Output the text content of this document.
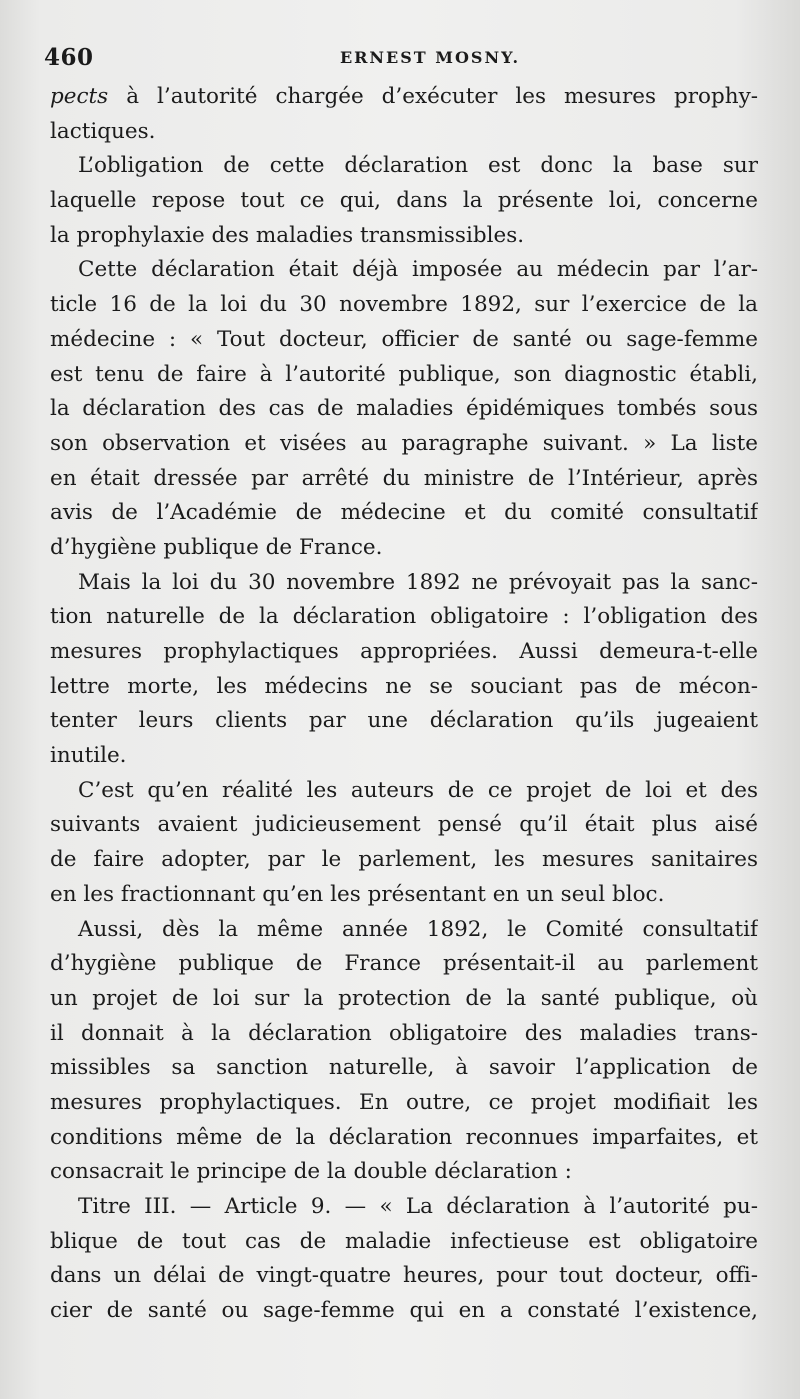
460	ERNEST MOSNY.
pects à l’autorité chargée d’exécuter les mesures prophy-
lactiques.
L’obligation de cette déclaration est donc la base sur
laquelle repose tout ce qui, dans la présente loi, concerne
la prophylaxie des maladies transmissibles.
Cette déclaration était déjà imposée au médecin par l’ar-
ticle 16 de la loi du 30 novembre 1892, sur l’exercice de la
médecine : « Tout docteur, officier de santé ou sage-femme
est tenu de faire à l’autorité publique, son diagnostic établi,
la déclaration des cas de maladies épidémiques tombés sous
son observation et visées au paragraphe suivant. » La liste
en était dressée par arrêté du ministre de l’Intérieur, après
avis de l’Académie de médecine et du comité consultatif
d’hygiène publique de France.
Mais la loi du 30 novembre 1892 ne prévoyait pas la sanc-
tion naturelle de la déclaration obligatoire : l’obligation des
mesures prophylactiques appropriées. Aussi demeura-t-elle
lettre morte, les médecins ne se souciant pas de mécon-
tenter leurs clients par une déclaration qu’ils jugeaient
inutile.
C’est qu’en réalité les auteurs de ce projet de loi et des
suivants avaient judicieusement pensé qu’il était plus aisé
de faire adopter, par le parlement, les mesures sanitaires
en les fractionnant qu’en les présentant en un seul bloc.
Aussi, dès la même année 1892, le Comité consultatif
d’hygiène publique de France présentait-il au parlement
un projet de loi sur la protection de la santé publique, où
il donnait à la déclaration obligatoire des maladies trans-
missibles sa sanction naturelle, à savoir l’application de
mesures prophylactiques. En outre, ce projet modifiait les
conditions même de la déclaration reconnues imparfaites, et
consacrait le principe de la double déclaration :
Titre III. — Article 9. — « La déclaration à l’autorité pu-
blique de tout cas de maladie infectieuse est obligatoire
dans un délai de vingt-quatre heures, pour tout docteur, offi-
cier de santé ou sage-femme qui en a constaté l’existence,
